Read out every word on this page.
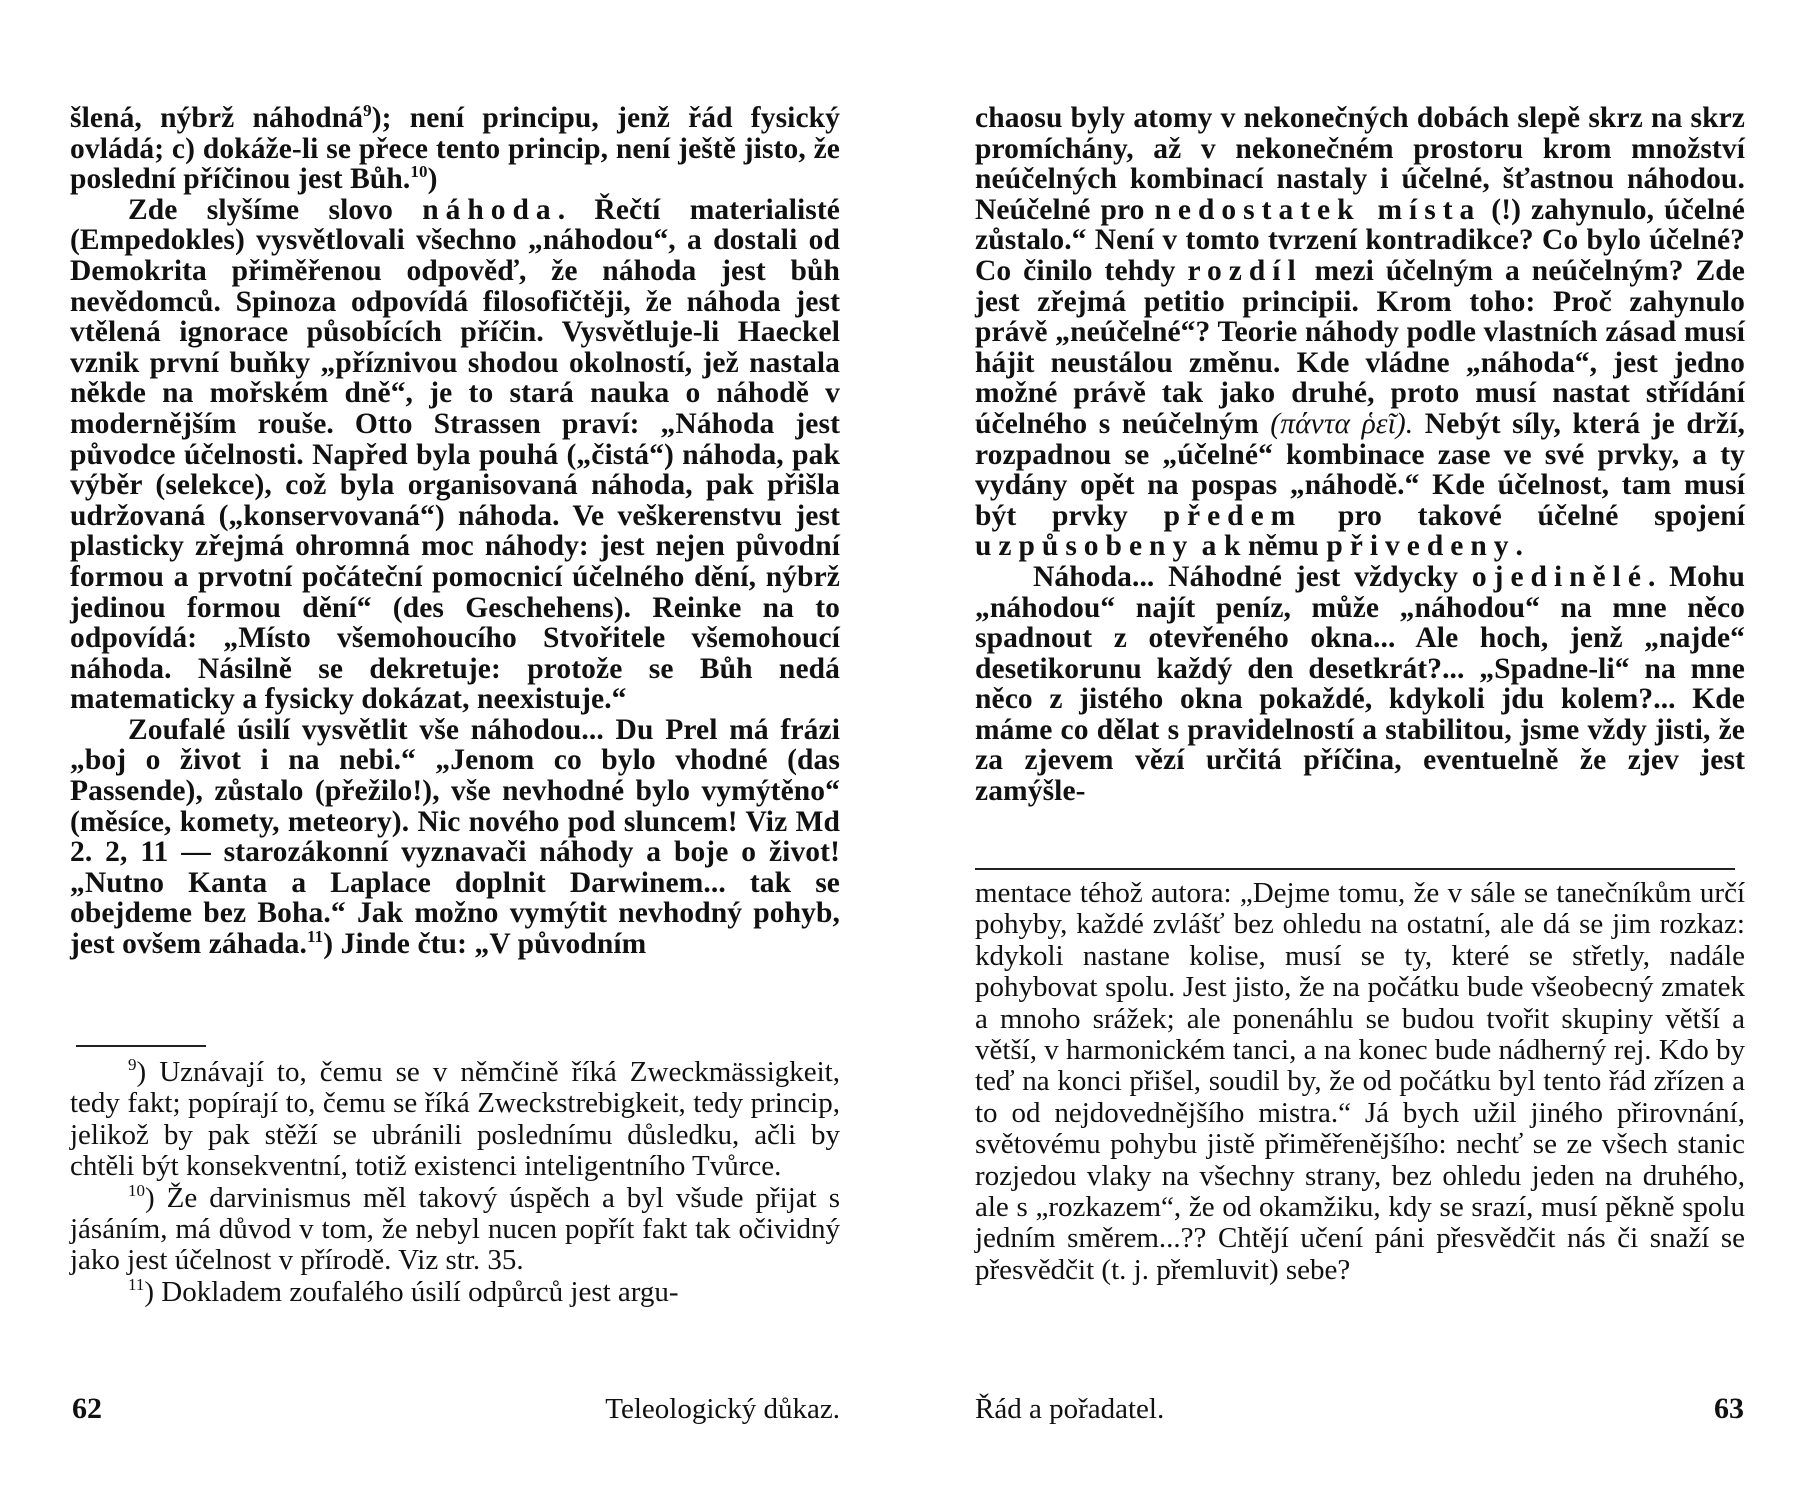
šlená, nýbrž náhodná$^9$); není principu, jenž řád fysický ovládá; c) dokáže-li se přece tento princip, není ještě jisto, že poslední příčinou jest Bůh.$^{10}$)

Zde slyšíme slovo náhoda. Řečtí materialisté (Empedokles) vysvětlovali všechno „náhodou“, a dostali od Demokrita přiměřenou odpověď, že náhoda jest bůh nevědomců. Spinoza odpovídá filosofičtěji, že náhoda jest vtělená ignorace působících příčin. Vysvětluje-li Haeckel vznik první buňky „příznivou shodou okolností, jež nastala někde na mořském dně“, je to stará nauka o náhodě v modernějším rouše. Otto Strassen praví: „Náhoda jest původce účelnosti. Napřed byla pouhá („čistá“) náhoda, pak výběr (selekce), což byla organisovaná náhoda, pak přišla udržovaná („konservovaná“) náhoda. Ve veškerenstvu jest plasticky zřejmá ohromná moc náhody: jest nejen původní formou a prvotní počáteční pomocnicí účelného dění, nýbrž jedinou formou dění“ (des Geschehens). Reinke na to odpovídá: „Místo všemohoucího Stvořitele všemohoucí náhoda. Násilně se dekretuje: protože se Bůh nedá matematicky a fysicky dokázat, neexistuje.“

Zoufalé úsilí vysvětlit vše náhodou... Du Prel má frázi „boj o život i na nebi.“ „Jenom co bylo vhodné (das Passende), zůstalo (přežilo!), vše nevhodné bylo vymýtěno“ (měsíce, komety, meteory). Nic nového pod sluncem! Viz Md 2. 2, 11 — starozákonní vyznavači náhody a boje o život! „Nutno Kanta a Laplace doplnit Darwinem... tak se obejdeme bez Boha.“ Jak možno vymýtit nevhodný pohyb, jest ovšem záhada.$^{11}$) Jinde čtu: „V původním

$^9$) Uznávají to, čemu se v němčině říká Zweckmässigkeit, tedy fakt; popírají to, čemu se říká Zweckstrebigkeit, tedy princip, jelikož by pak stěží se ubránili poslednímu důsledku, ačli by chtěli být konsekventní, totiž existenci inteligentního Tvůrce.

$^{10}$) Že darvinismus měl takový úspěch a byl všude přijat s jásáním, má důvod v tom, že nebyl nucen popřít fakt tak očividný jako jest účelnost v přírodě. Viz str. 35.

$^{11}$) Dokladem zoufalého úsilí odpůrců jest argu-

62	Teleologický důkaz.

chaosu byly atomy v nekonečných dobách slepě skrz na skrz promíchány, až v nekonečném prostoru krom množství neúčelných kombinací nastaly i účelné, šťastnou náhodou. Neúčelné pro nedostatek místa (!) zahynulo, účelné zůstalo.“ Není v tomto tvrzení kontradikce? Co bylo účelné? Co činilo tehdy rozdíl mezi účelným a neúčelným? Zde jest zřejmá petitio principii. Krom toho: Proč zahynulo právě „neúčelné“? Teorie náhody podle vlastních zásad musí hájit neustálou změnu. Kde vládne „náhoda“, jest jedno možné právě tak jako druhé, proto musí nastat střídání účelného s neúčelným (πάντα ῥεῖ). Nebýt síly, která je drží, rozpadnou se „účelné“ kombinace zase ve své prvky, a ty vydány opět na pospas „náhodě.“ Kde účelnost, tam musí být prvky předem pro takové účelné spojení uzpůsobeny a k němu přivedeny.

Náhoda... Náhodné jest vždycky ojedinělé. Mohu „náhodou“ najít peníz, může „náhodou“ na mne něco spadnout z otevřeného okna... Ale hoch, jenž „najde“ desetikorunu každý den desetkrát?... „Spadne-li“ na mne něco z jistého okna pokaždé, kdykoli jdu kolem?... Kde máme co dělat s pravidelností a stabilitou, jsme vždy jisti, že za zjevem vězí určitá příčina, eventuelně že zjev jest zamýšle-

mentace téhož autora: „Dejme tomu, že v sále se tanečníkům určí pohyby, každé zvlášť bez ohledu na ostatní, ale dá se jim rozkaz: kdykoli nastane kolise, musí se ty, které se střetly, nadále pohybovat spolu. Jest jisto, že na počátku bude všeobecný zmatek a mnoho srážek; ale ponenáhlu se budou tvořit skupiny větší a větší, v harmonickém tanci, a na konec bude nádherný rej. Kdo by teď na konci přišel, soudil by, že od počátku byl tento řád zřízen a to od nejdovednějšího mistra.“ Já bych užil jiného přirovnání, světovému pohybu jistě přiměřenějšího: nechť se ze všech stanic rozjedou vlaky na všechny strany, bez ohledu jeden na druhého, ale s „rozkazem“, že od okamžiku, kdy se srazí, musí pěkně spolu jedním směrem...?? Chtějí učení páni přesvědčit nás či snaží se přesvědčit (t. j. přemluvit) sebe?

Řád a pořadatel.	63
